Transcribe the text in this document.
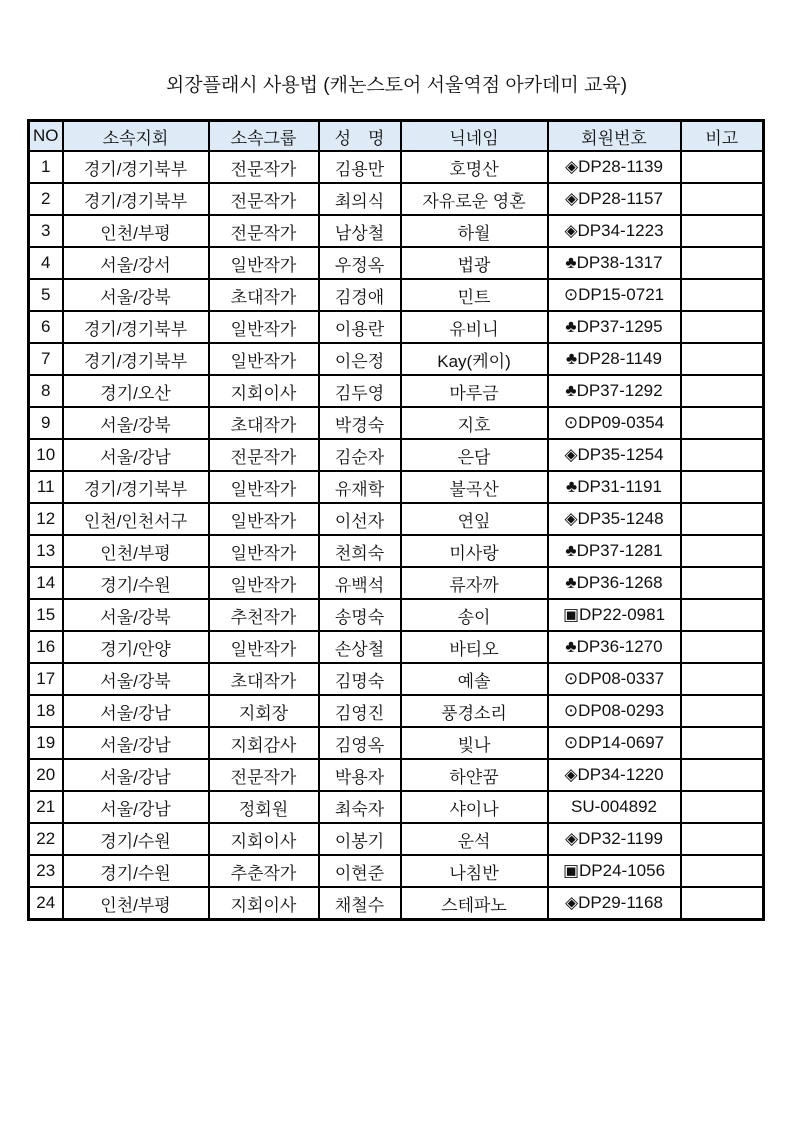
외장플래시 사용법 (캐논스토어 서울역점 아카데미 교육)
NO	소속지회	소속그룹	성　명	닉네임	회원번호	비고
1	경기/경기북부	전문작가	김용만	호명산	◈DP28-1139	
2	경기/경기북부	전문작가	최의식	자유로운 영혼	◈DP28-1157	
3	인천/부평	전문작가	남상철	하월	◈DP34-1223	
4	서울/강서	일반작가	우정옥	법광	♣DP38-1317	
5	서울/강북	초대작가	김경애	민트	⊙DP15-0721	
6	경기/경기북부	일반작가	이용란	유비니	♣DP37-1295	
7	경기/경기북부	일반작가	이은정	Kay(케이)	♣DP28-1149	
8	경기/오산	지회이사	김두영	마루금	♣DP37-1292	
9	서울/강북	초대작가	박경숙	지호	⊙DP09-0354	
10	서울/강남	전문작가	김순자	은담	◈DP35-1254	
11	경기/경기북부	일반작가	유재학	불곡산	♣DP31-1191	
12	인천/인천서구	일반작가	이선자	연잎	◈DP35-1248	
13	인천/부평	일반작가	천희숙	미사랑	♣DP37-1281	
14	경기/수원	일반작가	유백석	류자까	♣DP36-1268	
15	서울/강북	추천작가	송명숙	송이	▣DP22-0981	
16	경기/안양	일반작가	손상철	바티오	♣DP36-1270	
17	서울/강북	초대작가	김명숙	예솔	⊙DP08-0337	
18	서울/강남	지회장	김영진	풍경소리	⊙DP08-0293	
19	서울/강남	지회감사	김영옥	빛나	⊙DP14-0697	
20	서울/강남	전문작가	박용자	하얀꿈	◈DP34-1220	
21	서울/강남	정회원	최숙자	샤이나	SU-004892	
22	경기/수원	지회이사	이봉기	운석	◈DP32-1199	
23	경기/수원	추춘작가	이현준	나침반	▣DP24-1056	
24	인천/부평	지회이사	채철수	스테파노	◈DP29-1168	
